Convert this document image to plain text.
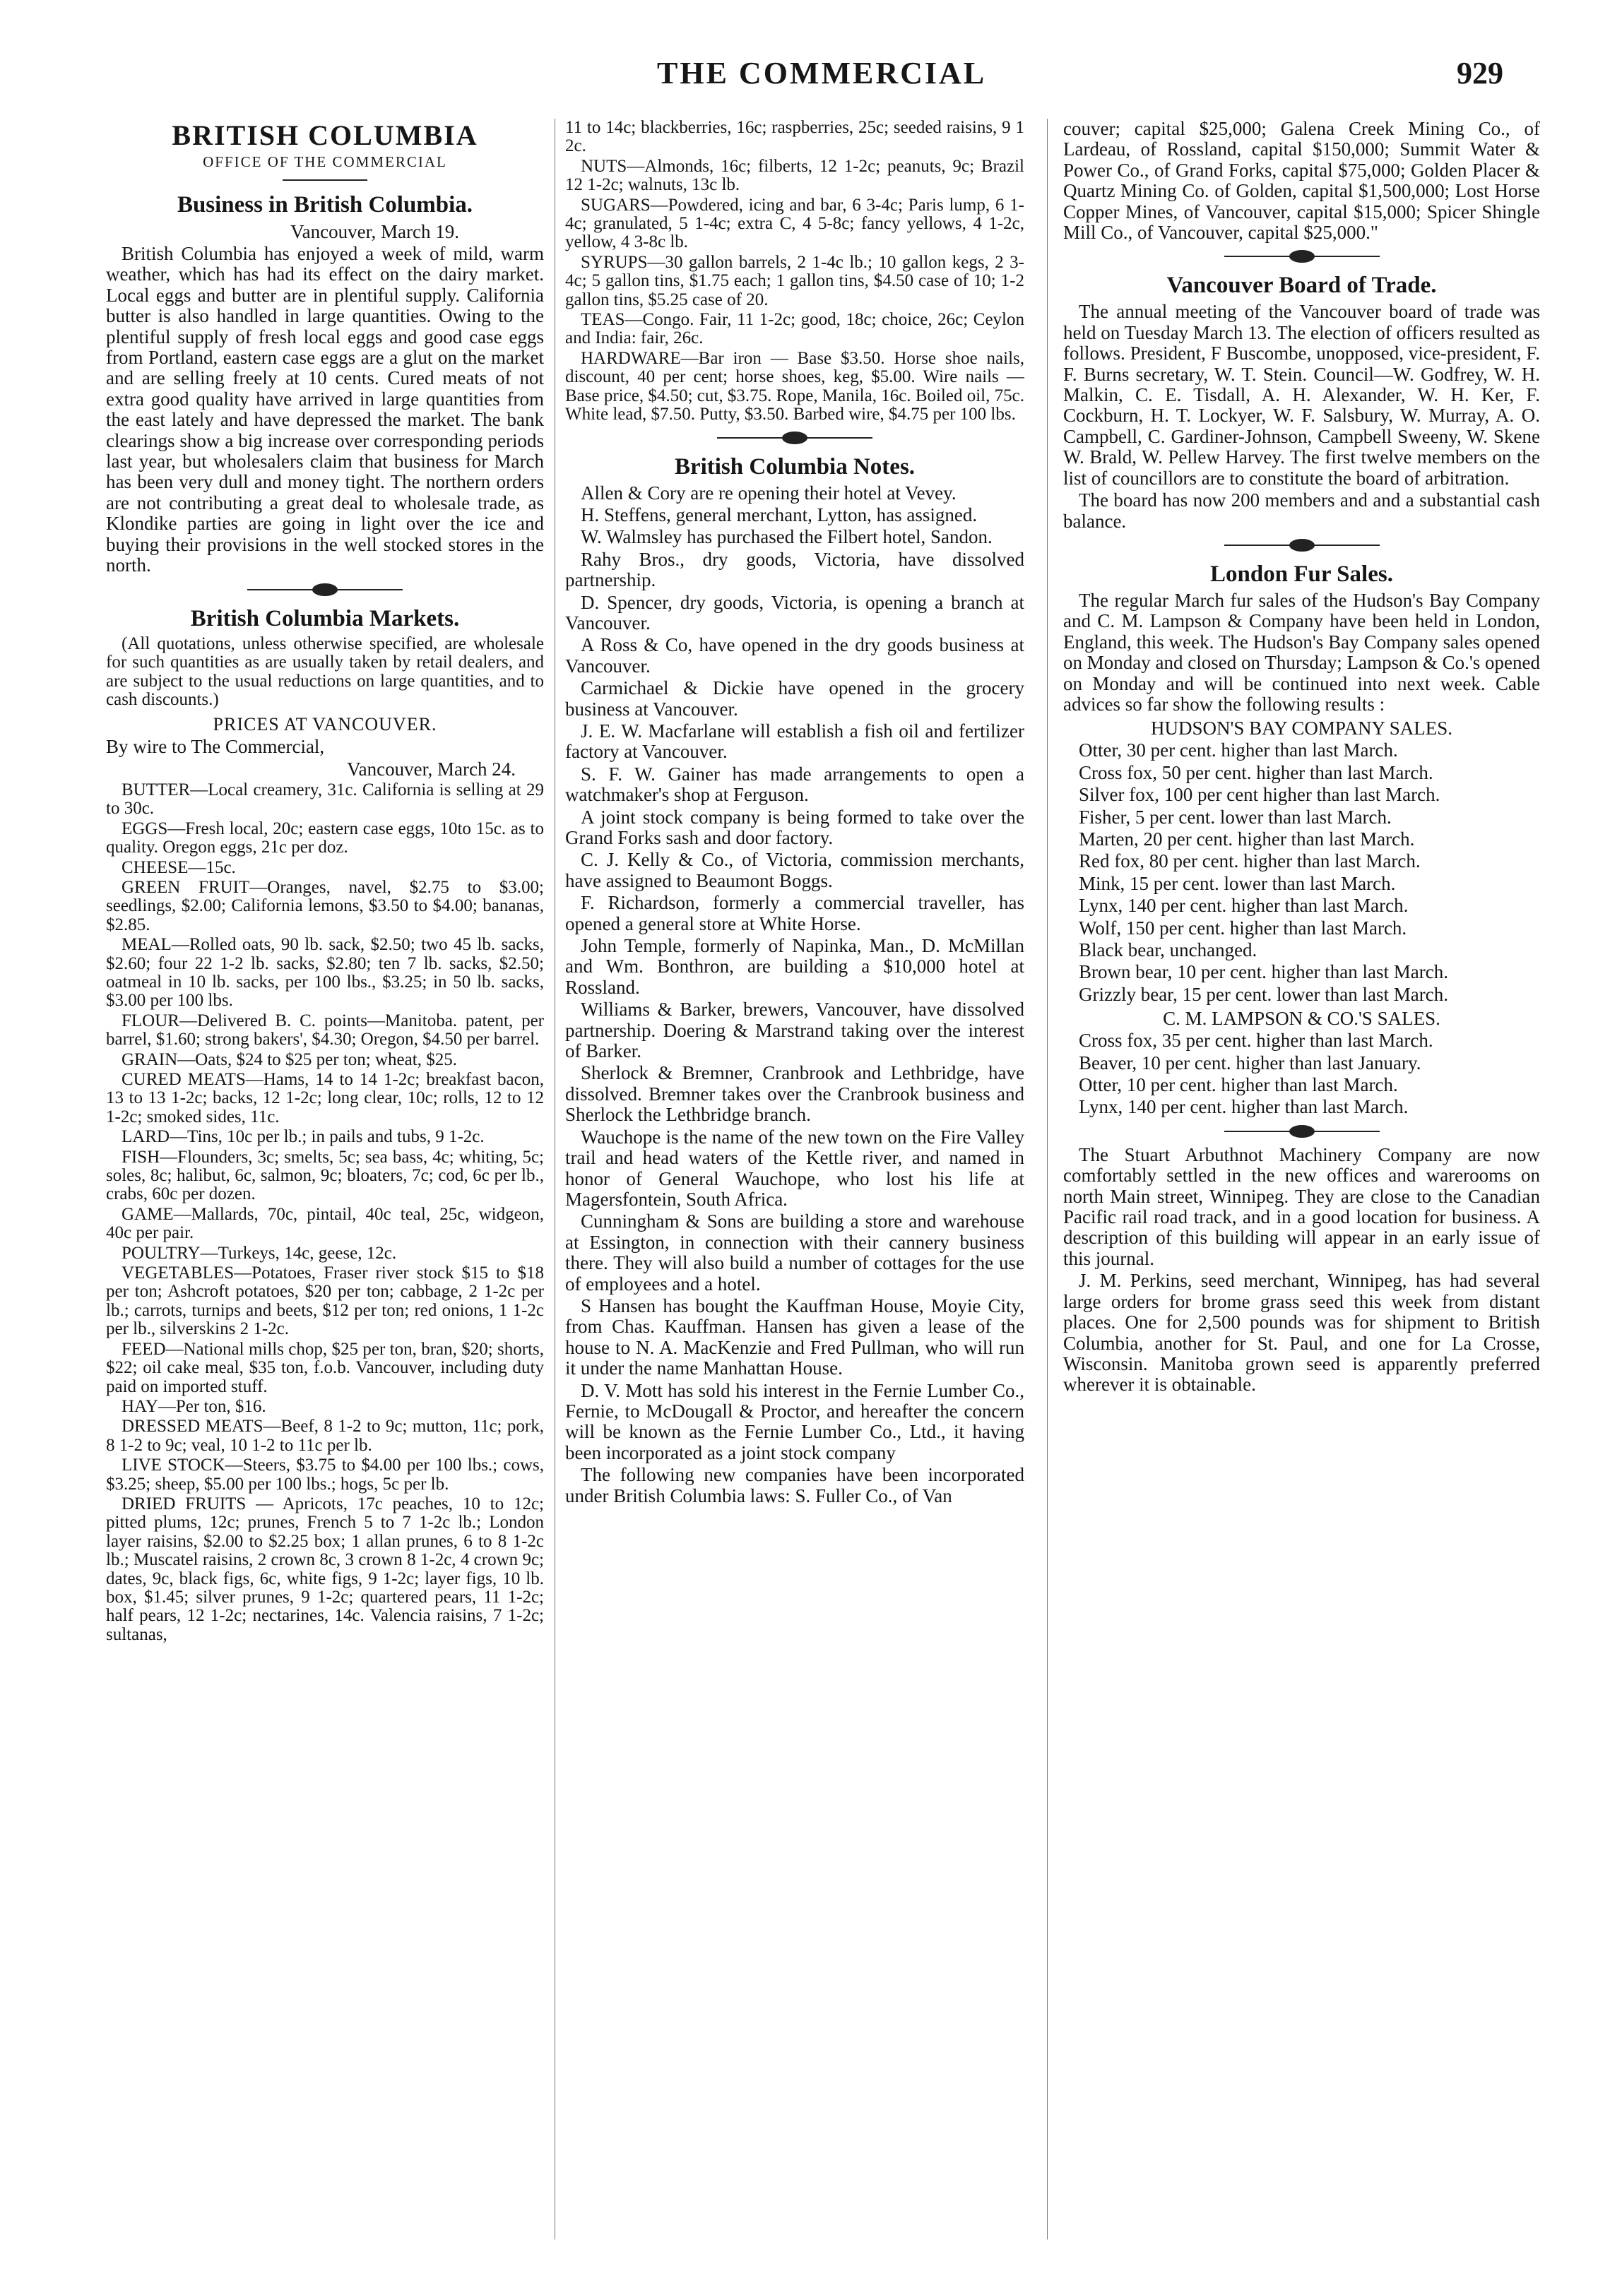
THE COMMERCIAL	929
BRITISH COLUMBIA
OFFICE OF THE COMMERCIAL
Business in British Columbia.
Vancouver, March 19.

British Columbia has enjoyed a week of mild, warm weather, which has had its effect on the dairy market. Local eggs and butter are in plentiful supply. California butter is also handled in large quantities. Owing to the plentiful supply of fresh local eggs and good case eggs from Portland, eastern case eggs are a glut on the market and are selling freely at 10 cents. Cured meats of not extra good quality have arrived in large quantities from the east lately and have depressed the market. The bank clearings show a big increase over corresponding periods last year, but wholesalers claim that business for March has been very dull and money tight. The northern orders are not contributing a great deal to wholesale trade, as Klondike parties are going in light over the ice and buying their provisions in the well stocked stores in the north.

British Columbia Markets.
(All quotations, unless otherwise specified, are wholesale for such quantities as are usually taken by retail dealers, and are subject to the usual reductions on large quantities, and to cash discounts.)
PRICES AT VANCOUVER.

By wire to The Commercial,

Vancouver, March 24.

BUTTER—Local creamery, 31c. California is selling at 29 to 30c.

EGGS—Fresh local, 20c; eastern case eggs, 10to 15c. as to quality. Oregon eggs, 21c per doz.

CHEESE—15c.

GREEN FRUIT—Oranges, navel, $2.75 to $3.00; seedlings, $2.00; California lemons, $3.50 to $4.00; bananas, $2.85.

MEAL—Rolled oats, 90 lb. sack, $2.50; two 45 lb. sacks, $2.60; four 22 1-2 lb. sacks, $2.80; ten 7 lb. sacks, $2.50; oatmeal in 10 lb. sacks, per 100 lbs., $3.25; in 50 lb. sacks, $3.00 per 100 lbs.

FLOUR—Delivered B. C. points—Manitoba. patent, per barrel, $1.60; strong bakers', $4.30; Oregon, $4.50 per barrel.

GRAIN—Oats, $24 to $25 per ton; wheat, $25.

CURED MEATS—Hams, 14 to 14 1-2c; breakfast bacon, 13 to 13 1-2c; backs, 12 1-2c; long clear, 10c; rolls, 12 to 12 1-2c; smoked sides, 11c.

LARD—Tins, 10c per lb.; in pails and tubs, 9 1-2c.

FISH—Flounders, 3c; smelts, 5c; sea bass, 4c; whiting, 5c; soles, 8c; halibut, 6c, salmon, 9c; bloaters, 7c; cod, 6c per lb., crabs, 60c per dozen.

GAME—Mallards, 70c, pintail, 40c teal, 25c, widgeon, 40c per pair.

POULTRY—Turkeys, 14c, geese, 12c.

VEGETABLES—Potatoes, Fraser river stock $15 to $18 per ton; Ashcroft potatoes, $20 per ton; cabbage, 2 1-2c per lb.; carrots, turnips and beets, $12 per ton; red onions, 1 1-2c per lb., silverskins 2 1-2c.

FEED—National mills chop, $25 per ton, bran, $20; shorts, $22; oil cake meal, $35 ton, f.o.b. Vancouver, including duty paid on imported stuff.

HAY—Per ton, $16.

DRESSED MEATS—Beef, 8 1-2 to 9c; mutton, 11c; pork, 8 1-2 to 9c; veal, 10 1-2 to 11c per lb.

LIVE STOCK—Steers, $3.75 to $4.00 per 100 lbs.; cows, $3.25; sheep, $5.00 per 100 lbs.; hogs, 5c per lb.

DRIED FRUITS — Apricots, 17c peaches, 10 to 12c; pitted plums, 12c; prunes, French 5 to 7 1-2c lb.; London layer raisins, $2.00 to $2.25 box; 1 allan prunes, 6 to 8 1-2c lb.; Muscatel raisins, 2 crown 8c, 3 crown 8 1-2c, 4 crown 9c; dates, 9c, black figs, 6c, white figs, 9 1-2c; layer figs, 10 lb. box, $1.45; silver prunes, 9 1-2c; quartered pears, 11 1-2c; half pears, 12 1-2c; nectarines, 14c. Valencia raisins, 7 1-2c; sultanas,

11 to 14c; blackberries, 16c; raspberries, 25c; seeded raisins, 9 1 2c.

NUTS—Almonds, 16c; filberts, 12 1-2c; peanuts, 9c; Brazil 12 1-2c; walnuts, 13c lb.

SUGARS—Powdered, icing and bar, 6 3-4c; Paris lump, 6 1-4c; granulated, 5 1-4c; extra C, 4 5-8c; fancy yellows, 4 1-2c, yellow, 4 3-8c lb.

SYRUPS—30 gallon barrels, 2 1-4c lb.; 10 gallon kegs, 2 3-4c; 5 gallon tins, $1.75 each; 1 gallon tins, $4.50 case of 10; 1-2 gallon tins, $5.25 case of 20.

TEAS—Congo. Fair, 11 1-2c; good, 18c; choice, 26c; Ceylon and India: fair, 26c.

HARDWARE—Bar iron — Base $3.50. Horse shoe nails, discount, 40 per cent; horse shoes, keg, $5.00. Wire nails — Base price, $4.50; cut, $3.75. Rope, Manila, 16c. Boiled oil, 75c. White lead, $7.50. Putty, $3.50. Barbed wire, $4.75 per 100 lbs.

British Columbia Notes.

Allen & Cory are re opening their hotel at Vevey.

H. Steffens, general merchant, Lytton, has assigned.

W. Walmsley has purchased the Filbert hotel, Sandon.

Rahy Bros., dry goods, Victoria, have dissolved partnership.

D. Spencer, dry goods, Victoria, is opening a branch at Vancouver.

A Ross & Co, have opened in the dry goods business at Vancouver.

Carmichael & Dickie have opened in the grocery business at Vancouver.

J. E. W. Macfarlane will establish a fish oil and fertilizer factory at Vancouver.

S. F. W. Gainer has made arrangements to open a watchmaker's shop at Ferguson.

A joint stock company is being formed to take over the Grand Forks sash and door factory.

C. J. Kelly & Co., of Victoria, commission merchants, have assigned to Beaumont Boggs.

F. Richardson, formerly a commercial traveller, has opened a general store at White Horse.

John Temple, formerly of Napinka, Man., D. McMillan and Wm. Bonthron, are building a $10,000 hotel at Rossland.

Williams & Barker, brewers, Vancouver, have dissolved partnership. Doering & Marstrand taking over the interest of Barker.

Sherlock & Bremner, Cranbrook and Lethbridge, have dissolved. Bremner takes over the Cranbrook business and Sherlock the Lethbridge branch.

Wauchope is the name of the new town on the Fire Valley trail and head waters of the Kettle river, and named in honor of General Wauchope, who lost his life at Magersfontein, South Africa.

Cunningham & Sons are building a store and warehouse at Essington, in connection with their cannery business there. They will also build a number of cottages for the use of employees and a hotel.

S Hansen has bought the Kauffman House, Moyie City, from Chas. Kauffman. Hansen has given a lease of the house to N. A. MacKenzie and Fred Pullman, who will run it under the name Manhattan House.

D. V. Mott has sold his interest in the Fernie Lumber Co., Fernie, to McDougall & Proctor, and hereafter the concern will be known as the Fernie Lumber Co., Ltd., it having been incorporated as a joint stock company

The following new companies have been incorporated under British Columbia laws: S. Fuller Co., of Van

couver; capital $25,000; Galena Creek Mining Co., of Lardeau, of Rossland, capital $150,000; Summit Water & Power Co., of Grand Forks, capital $75,000; Golden Placer & Quartz Mining Co. of Golden, capital $1,500,000; Lost Horse Copper Mines, of Vancouver, capital $15,000; Spicer Shingle Mill Co., of Vancouver, capital $25,000."

Vancouver Board of Trade.

The annual meeting of the Vancouver board of trade was held on Tuesday March 13. The election of officers resulted as follows. President, F Buscombe, unopposed, vice-president, F. F. Burns secretary, W. T. Stein. Council—W. Godfrey, W. H. Malkin, C. E. Tisdall, A. H. Alexander, W. H. Ker, F. Cockburn, H. T. Lockyer, W. F. Salsbury, W. Murray, A. O. Campbell, C. Gardiner-Johnson, Campbell Sweeny, W. Skene W. Brald, W. Pellew Harvey. The first twelve members on the list of councillors are to constitute the board of arbitration.

The board has now 200 members and and a substantial cash balance.

London Fur Sales.

The regular March fur sales of the Hudson's Bay Company and C. M. Lampson & Company have been held in London, England, this week. The Hudson's Bay Company sales opened on Monday and closed on Thursday; Lampson & Co.'s opened on Monday and will be continued into next week. Cable advices so far show the following results :

HUDSON'S BAY COMPANY SALES.

Otter, 30 per cent. higher than last March.

Cross fox, 50 per cent. higher than last March.

Silver fox, 100 per cent higher than last March.

Fisher, 5 per cent. lower than last March.

Marten, 20 per cent. higher than last March.

Red fox, 80 per cent. higher than last March.

Mink, 15 per cent. lower than last March.

Lynx, 140 per cent. higher than last March.

Wolf, 150 per cent. higher than last March.

Black bear, unchanged.

Brown bear, 10 per cent. higher than last March.

Grizzly bear, 15 per cent. lower than last March.

C. M. LAMPSON & CO.'S SALES.

Cross fox, 35 per cent. higher than last March.

Beaver, 10 per cent. higher than last January.

Otter, 10 per cent. higher than last March.

Lynx, 140 per cent. higher than last March.

The Stuart Arbuthnot Machinery Company are now comfortably settled in the new offices and warerooms on north Main street, Winnipeg. They are close to the Canadian Pacific rail road track, and in a good location for business. A description of this building will appear in an early issue of this journal.

J. M. Perkins, seed merchant, Winnipeg, has had several large orders for brome grass seed this week from distant places. One for 2,500 pounds was for shipment to British Columbia, another for St. Paul, and one for La Crosse, Wisconsin. Manitoba grown seed is apparently preferred wherever it is obtainable.
